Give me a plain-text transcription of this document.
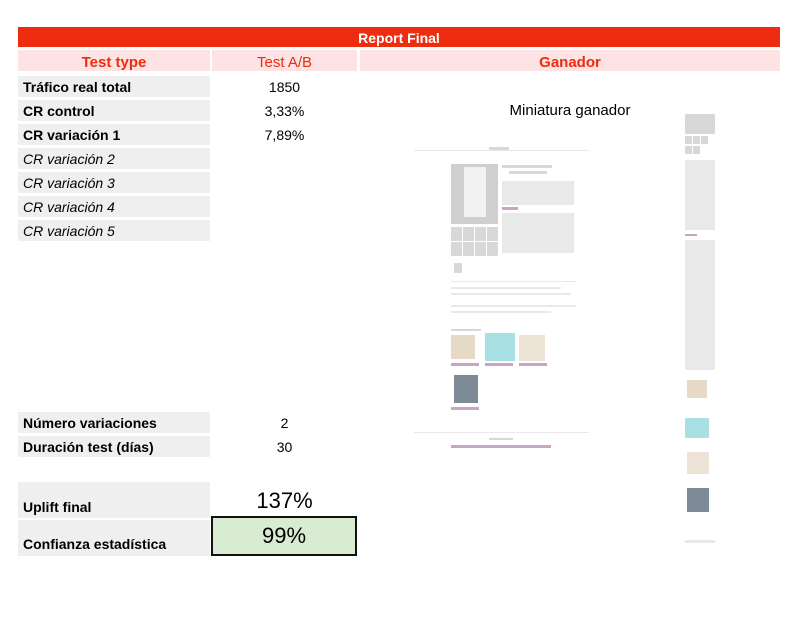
Report Final
Test type	Test A/B	Ganador
Tráfico real total	1850
CR control	3,33%
CR variación 1	7,89%
CR variación 2
CR variación 3
CR variación 4
CR variación 5
Número variaciones	2
Duración test (días)	30
Uplift final	137%
Confianza estadística	99%
Miniatura ganador
